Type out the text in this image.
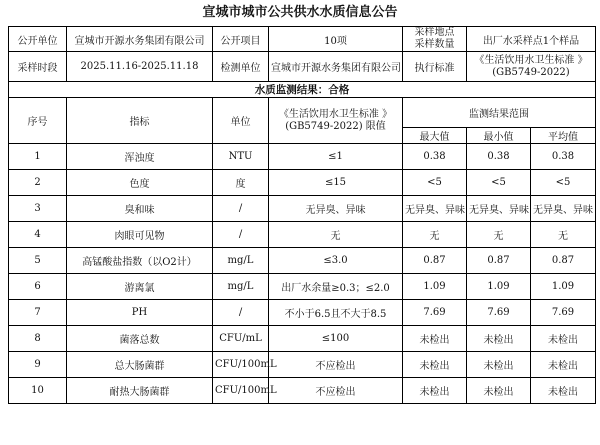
宣城市城市公共供水水质信息公告
公开单位	宣城市开源水务集团有限公司	公开项目	10项	采样地点
采样数量	出厂水采样点1个样品	
采样时段	2025.11.16-2025.11.18	检测单位	宣城市开源水务集团有限公司	执行标准	《生活饮用水卫生标准 》
(GB5749-2022)	
水质监测结果：合格						
序号	指标	单位	《生活饮用水卫生标准 》
(GB5749-2022) 限值	监测结果范围		
				最大值	最小值	平均值
1	浑浊度	NTU	≤1	0.38	0.38	0.38
2	色度	度	≤15	<5	<5	<5
3	臭和味	/	无异臭、异味	无异臭、异味	无异臭、异味	无异臭、异味
4	肉眼可见物	/	无	无	无	无
5	高锰酸盐指数（以O2计）	mg/L	≤3.0	0.87	0.87	0.87
6	游离氯	mg/L	出厂水余量≥0.3；≤2.0	1.09	1.09	1.09
7	PH	/	不小于6.5且不大于8.5	7.69	7.69	7.69
8	菌落总数	CFU/mL	≤100	未检出	未检出	未检出
9	总大肠菌群	CFU/100mL	不应检出	未检出	未检出	未检出
10	耐热大肠菌群	CFU/100mL	不应检出	未检出	未检出	未检出
